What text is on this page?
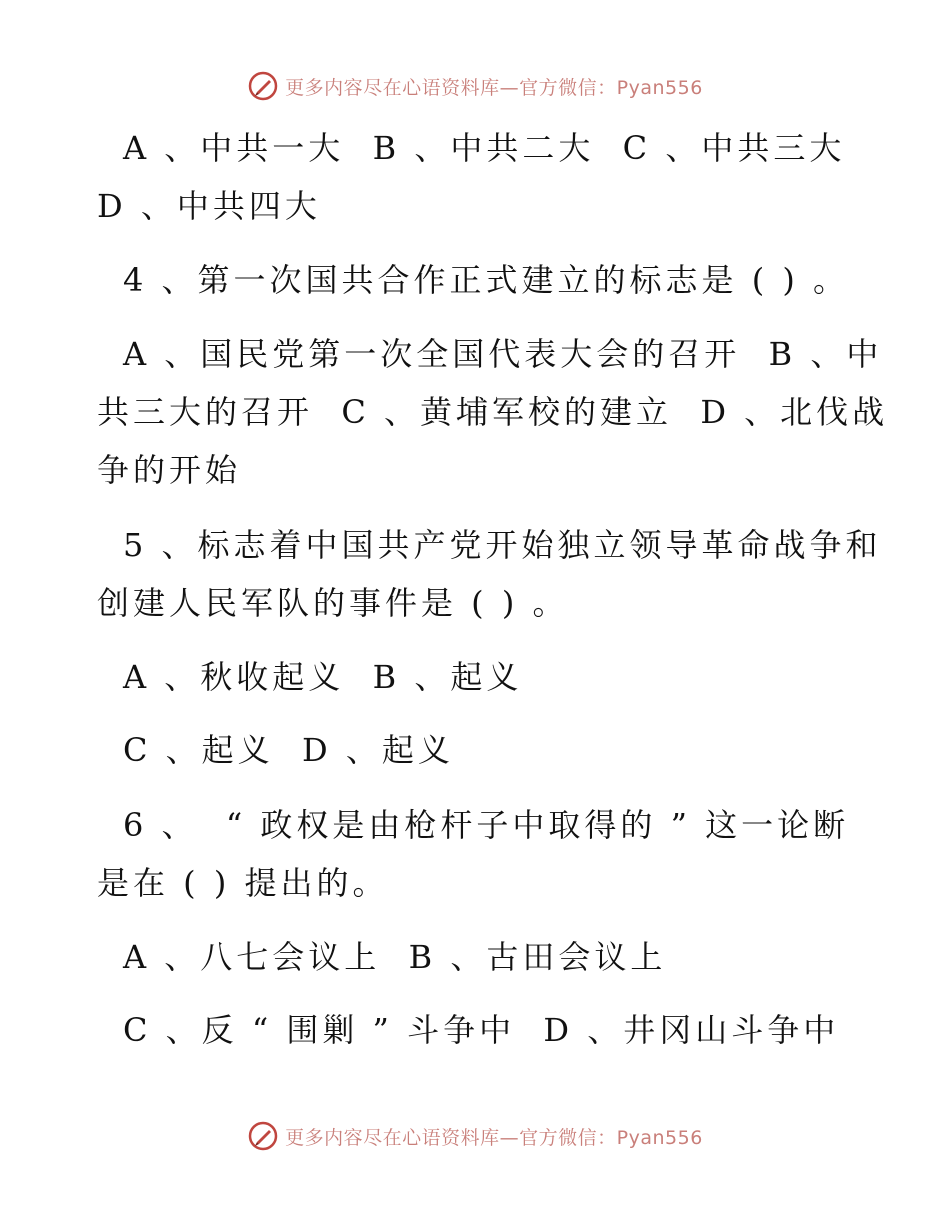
更多内容尽在心语资料库—官方微信：Pyan556
A 、中共一大  B 、中共二大  C 、中共三大
D 、中共四大
4 、第一次国共合作正式建立的标志是 ( ) 。
A 、国民党第一次全国代表大会的召开  B 、中
共三大的召开  C 、黄埔军校的建立  D 、北伐战
争的开始
5 、标志着中国共产党开始独立领导革命战争和
创建人民军队的事件是 ( ) 。
A 、秋收起义  B 、起义
C 、起义  D 、起义
6 、  “ 政权是由枪杆子中取得的 ” 这一论断
是在 ( ) 提出的。
A 、八七会议上  B 、古田会议上
C 、反 “ 围剿 ” 斗争中  D 、井冈山斗争中
更多内容尽在心语资料库—官方微信：Pyan556
